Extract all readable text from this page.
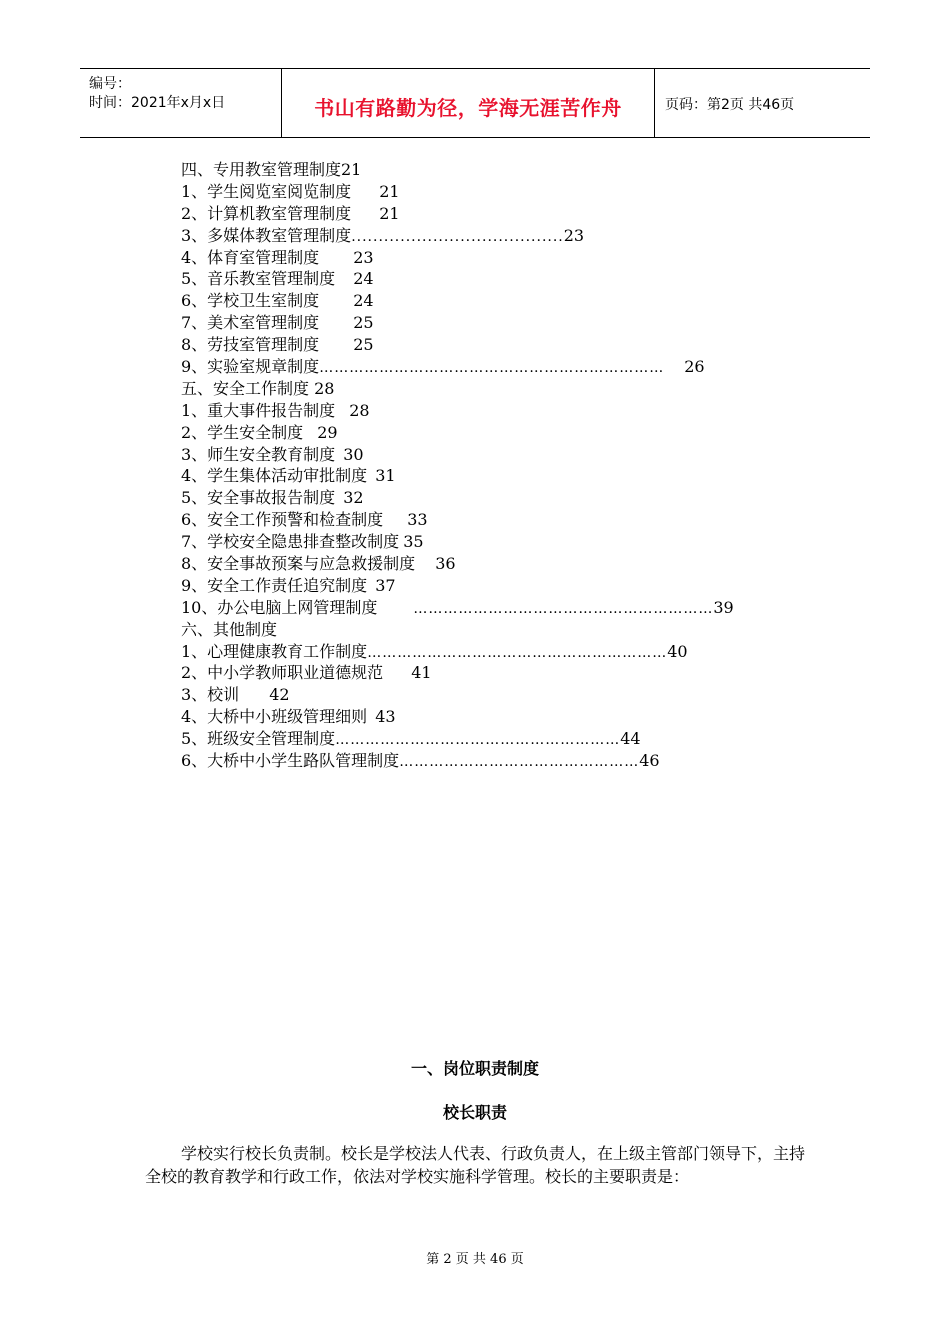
编号：
时间：2021年x月x日	书山有路勤为径，学海无涯苦作舟	页码：第2页 共46页
四、专用教室管理制度21
1、学生阅览室阅览制度 21
2、计算机教室管理制度 21
3、多媒体教室管理制度 ....................................... 23
4、体育室管理制度 23
5、音乐教室管理制度 24
6、学校卫生室制度 24
7、美术室管理制度 25
8、劳技室管理制度 25
9、实验室规章制度 …………………………………………………………… 26
五、安全工作制度 28
1、重大事件报告制度 28
2、学生安全制度 29
3、师生安全教育制度 30
4、学生集体活动审批制度 31
5、安全事故报告制度 32
6、安全工作预警和检查制度 33
7、学校安全隐患排查整改制度 35
8、安全事故预案与应急救援制度 36
9、安全工作责任追究制度 37
10、办公电脑上网管理制度	…………………………………………………… 39
六、其他制度
1、心理健康教育工作制度 …………………………………………………… 40
2、中小学教师职业道德规范 41
3、校训 42
4、大桥中小班级管理细则 43
5、班级安全管理制度 ………………………………………………… 44
6、大桥中小学生路队管理制度 ………………………………………… 46
一、岗位职责制度
校长职责
学校实行校长负责制。校长是学校法人代表、行政负责人，在上级主管部门领导下，主持全校的教育教学和行政工作，依法对学校实施科学管理。校长的主要职责是：
第 2 页 共 46 页
